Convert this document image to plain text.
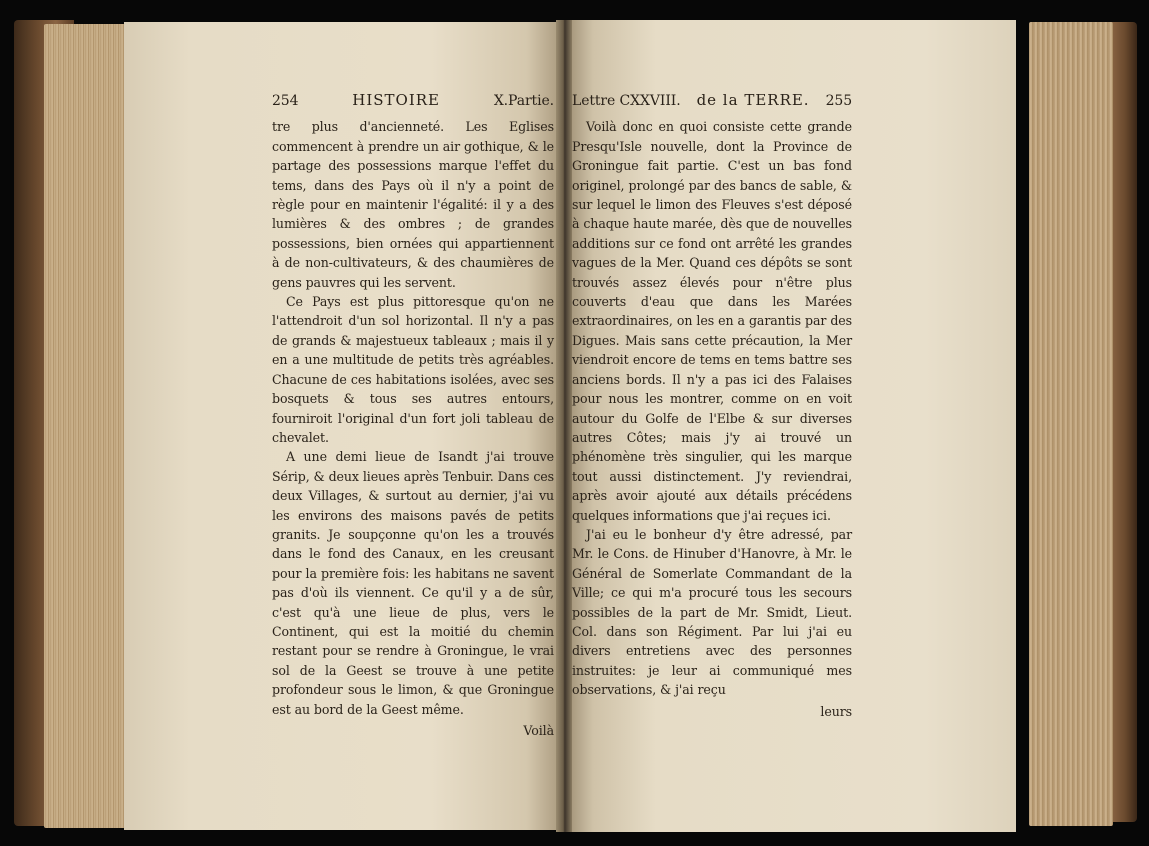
254	HISTOIRE	X.Partie.

tre plus d'ancienneté. Les Eglises commencent à prendre un air gothique, & le partage des possessions marque l'effet du tems, dans des Pays où il n'y a point de règle pour en maintenir l'égalité: il y a des lumières & des ombres ; de grandes possessions, bien ornées qui appartiennent à de non-cultivateurs, & des chaumières de gens pauvres qui les servent.

Ce Pays est plus pittoresque qu'on ne l'attendroit d'un sol horizontal. Il n'y a pas de grands & majestueux tableaux ; mais il y en a une multitude de petits très agréables. Chacune de ces habitations isolées, avec ses bosquets & tous ses autres entours, fourniroit l'original d'un fort joli tableau de chevalet.

A une demi lieue de Isandt j'ai trouve Sérip, & deux lieues après Tenbuir. Dans ces deux Villages, & surtout au dernier, j'ai vu les environs des maisons pavés de petits granits. Je soupçonne qu'on les a trouvés dans le fond des Canaux, en les creusant pour la première fois: les habitans ne savent pas d'où ils viennent. Ce qu'il y a de sûr, c'est qu'à une lieue de plus, vers le Continent, qui est la moitié du chemin restant pour se rendre à Groningue, le vrai sol de la Geest se trouve à une petite profondeur sous le limon, & que Groningue est au bord de la Geest même.

Voilà
Lettre CXXVIII. de la TERRE. 255

Voilà donc en quoi consiste cette grande Presqu'Isle nouvelle, dont la Province de Groningue fait partie. C'est un bas fond originel, prolongé par des bancs de sable, & sur lequel le limon des Fleuves s'est déposé à chaque haute marée, dès que de nouvelles additions sur ce fond ont arrêté les grandes vagues de la Mer. Quand ces dépôts se sont trouvés assez élevés pour n'être plus couverts d'eau que dans les Marées extraordinaires, on les en a garantis par des Digues. Mais sans cette précaution, la Mer viendroit encore de tems en tems battre ses anciens bords. Il n'y a pas ici des Falaises pour nous les montrer, comme on en voit autour du Golfe de l'Elbe & sur diverses autres Côtes; mais j'y ai trouvé un phénomène très singulier, qui les marque tout aussi distinctement. J'y reviendrai, après avoir ajouté aux détails précédens quelques informations que j'ai reçues ici.

J'ai eu le bonheur d'y être adressé, par Mr. le Cons. de Hinuber d'Hanovre, à Mr. le Général de Somerlate Commandant de la Ville; ce qui m'a procuré tous les secours possibles de la part de Mr. Smidt, Lieut. Col. dans son Régiment. Par lui j'ai eu divers entretiens avec des personnes instruites: je leur ai communiqué mes observations, & j'ai reçu

leurs
